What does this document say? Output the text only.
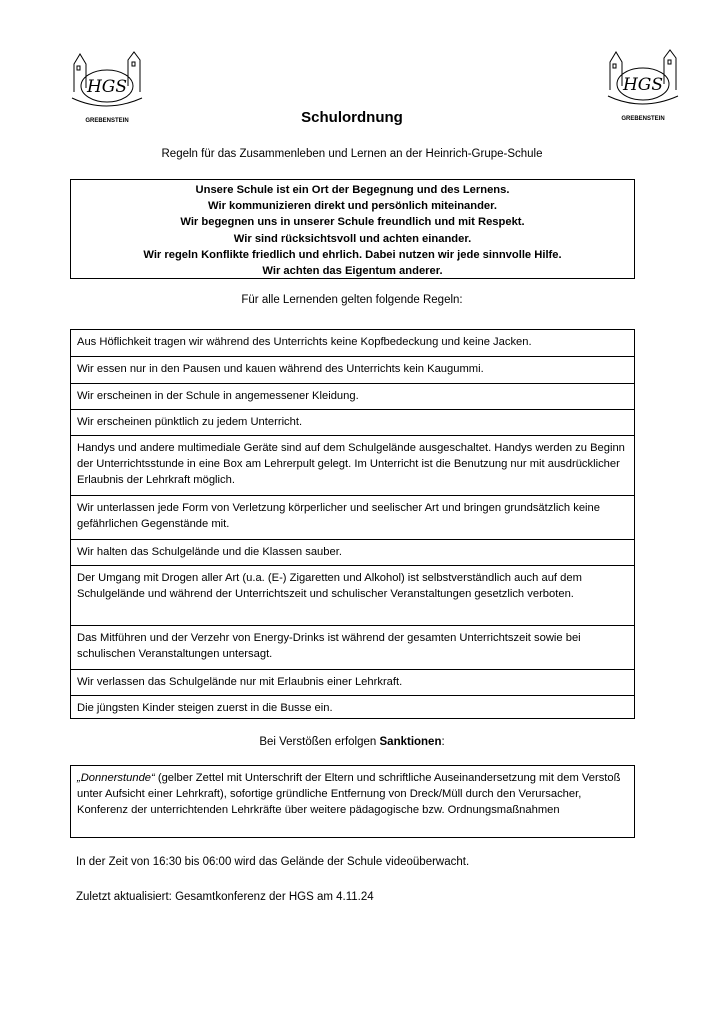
HGS
GREBENSTEIN
HGS
GREBENSTEIN
Schulordnung
Regeln für das Zusammenleben und Lernen an der Heinrich-Grupe-Schule
Unsere Schule ist ein Ort der Begegnung und des Lernens.
Wir kommunizieren direkt und persönlich miteinander.
Wir begegnen uns in unserer Schule freundlich und mit Respekt.
Wir sind rücksichtsvoll und achten einander.
Wir regeln Konflikte friedlich und ehrlich. Dabei nutzen wir jede sinnvolle Hilfe.
Wir achten das Eigentum anderer.
Für alle Lernenden gelten folgende Regeln:
Aus Höflichkeit tragen wir während des Unterrichts keine Kopfbedeckung und keine Jacken.
Wir essen nur in den Pausen und kauen während des Unterrichts kein Kaugummi.
Wir erscheinen in der Schule in angemessener Kleidung.
Wir erscheinen pünktlich zu jedem Unterricht.
Handys und andere multimediale Geräte sind auf dem Schulgelände ausgeschaltet. Handys werden zu Beginn der Unterrichtsstunde in eine Box am Lehrerpult gelegt. Im Unterricht ist die Benutzung nur mit ausdrücklicher Erlaubnis der Lehrkraft möglich.
Wir unterlassen jede Form von Verletzung körperlicher und seelischer Art und bringen grundsätzlich keine gefährlichen Gegenstände mit.
Wir halten das Schulgelände und die Klassen sauber.
Der Umgang mit Drogen aller Art (u.a. (E-) Zigaretten und Alkohol) ist selbstverständlich auch auf dem Schulgelände und während der Unterrichtszeit und schulischer Veranstaltungen gesetzlich verboten.
Das Mitführen und der Verzehr von Energy-Drinks ist während der gesamten Unterrichtszeit sowie bei schulischen Veranstaltungen untersagt.
Wir verlassen das Schulgelände nur mit Erlaubnis einer Lehrkraft.
Die jüngsten Kinder steigen zuerst in die Busse ein.
Bei Verstößen erfolgen Sanktionen:
„Donnerstunde“ (gelber Zettel mit Unterschrift der Eltern und schriftliche Auseinandersetzung mit dem Verstoß unter Aufsicht einer Lehrkraft), sofortige gründliche Entfernung von Dreck/Müll durch den Verursacher, Konferenz der unterrichtenden Lehrkräfte über weitere pädagogische bzw. Ordnungsmaßnahmen
In der Zeit von 16:30 bis 06:00 wird das Gelände der Schule videoüberwacht.
Zuletzt aktualisiert: Gesamtkonferenz der HGS am 4.11.24
